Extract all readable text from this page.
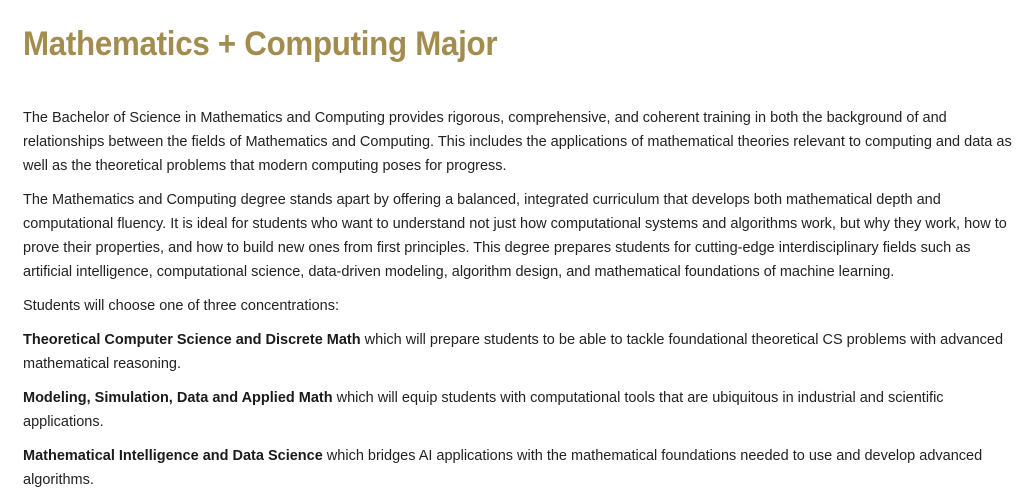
Mathematics + Computing Major

The Bachelor of Science in Mathematics and Computing provides rigorous, comprehensive, and coherent training in both the background of and relationships between the fields of Mathematics and Computing. This includes the applications of mathematical theories relevant to computing and data as well as the theoretical problems that modern computing poses for progress.

The Mathematics and Computing degree stands apart by offering a balanced, integrated curriculum that develops both mathematical depth and computational fluency. It is ideal for students who want to understand not just how computational systems and algorithms work, but why they work, how to prove their properties, and how to build new ones from first principles. This degree prepares students for cutting-edge interdisciplinary fields such as artificial intelligence, computational science, data-driven modeling, algorithm design, and mathematical foundations of machine learning.

Students will choose one of three concentrations:

Theoretical Computer Science and Discrete Math which will prepare students to be able to tackle foundational theoretical CS problems with advanced mathematical reasoning.

Modeling, Simulation, Data and Applied Math which will equip students with computational tools that are ubiquitous in industrial and scientific applications.

Mathematical Intelligence and Data Science which bridges AI applications with the mathematical foundations needed to use and develop advanced algorithms.
